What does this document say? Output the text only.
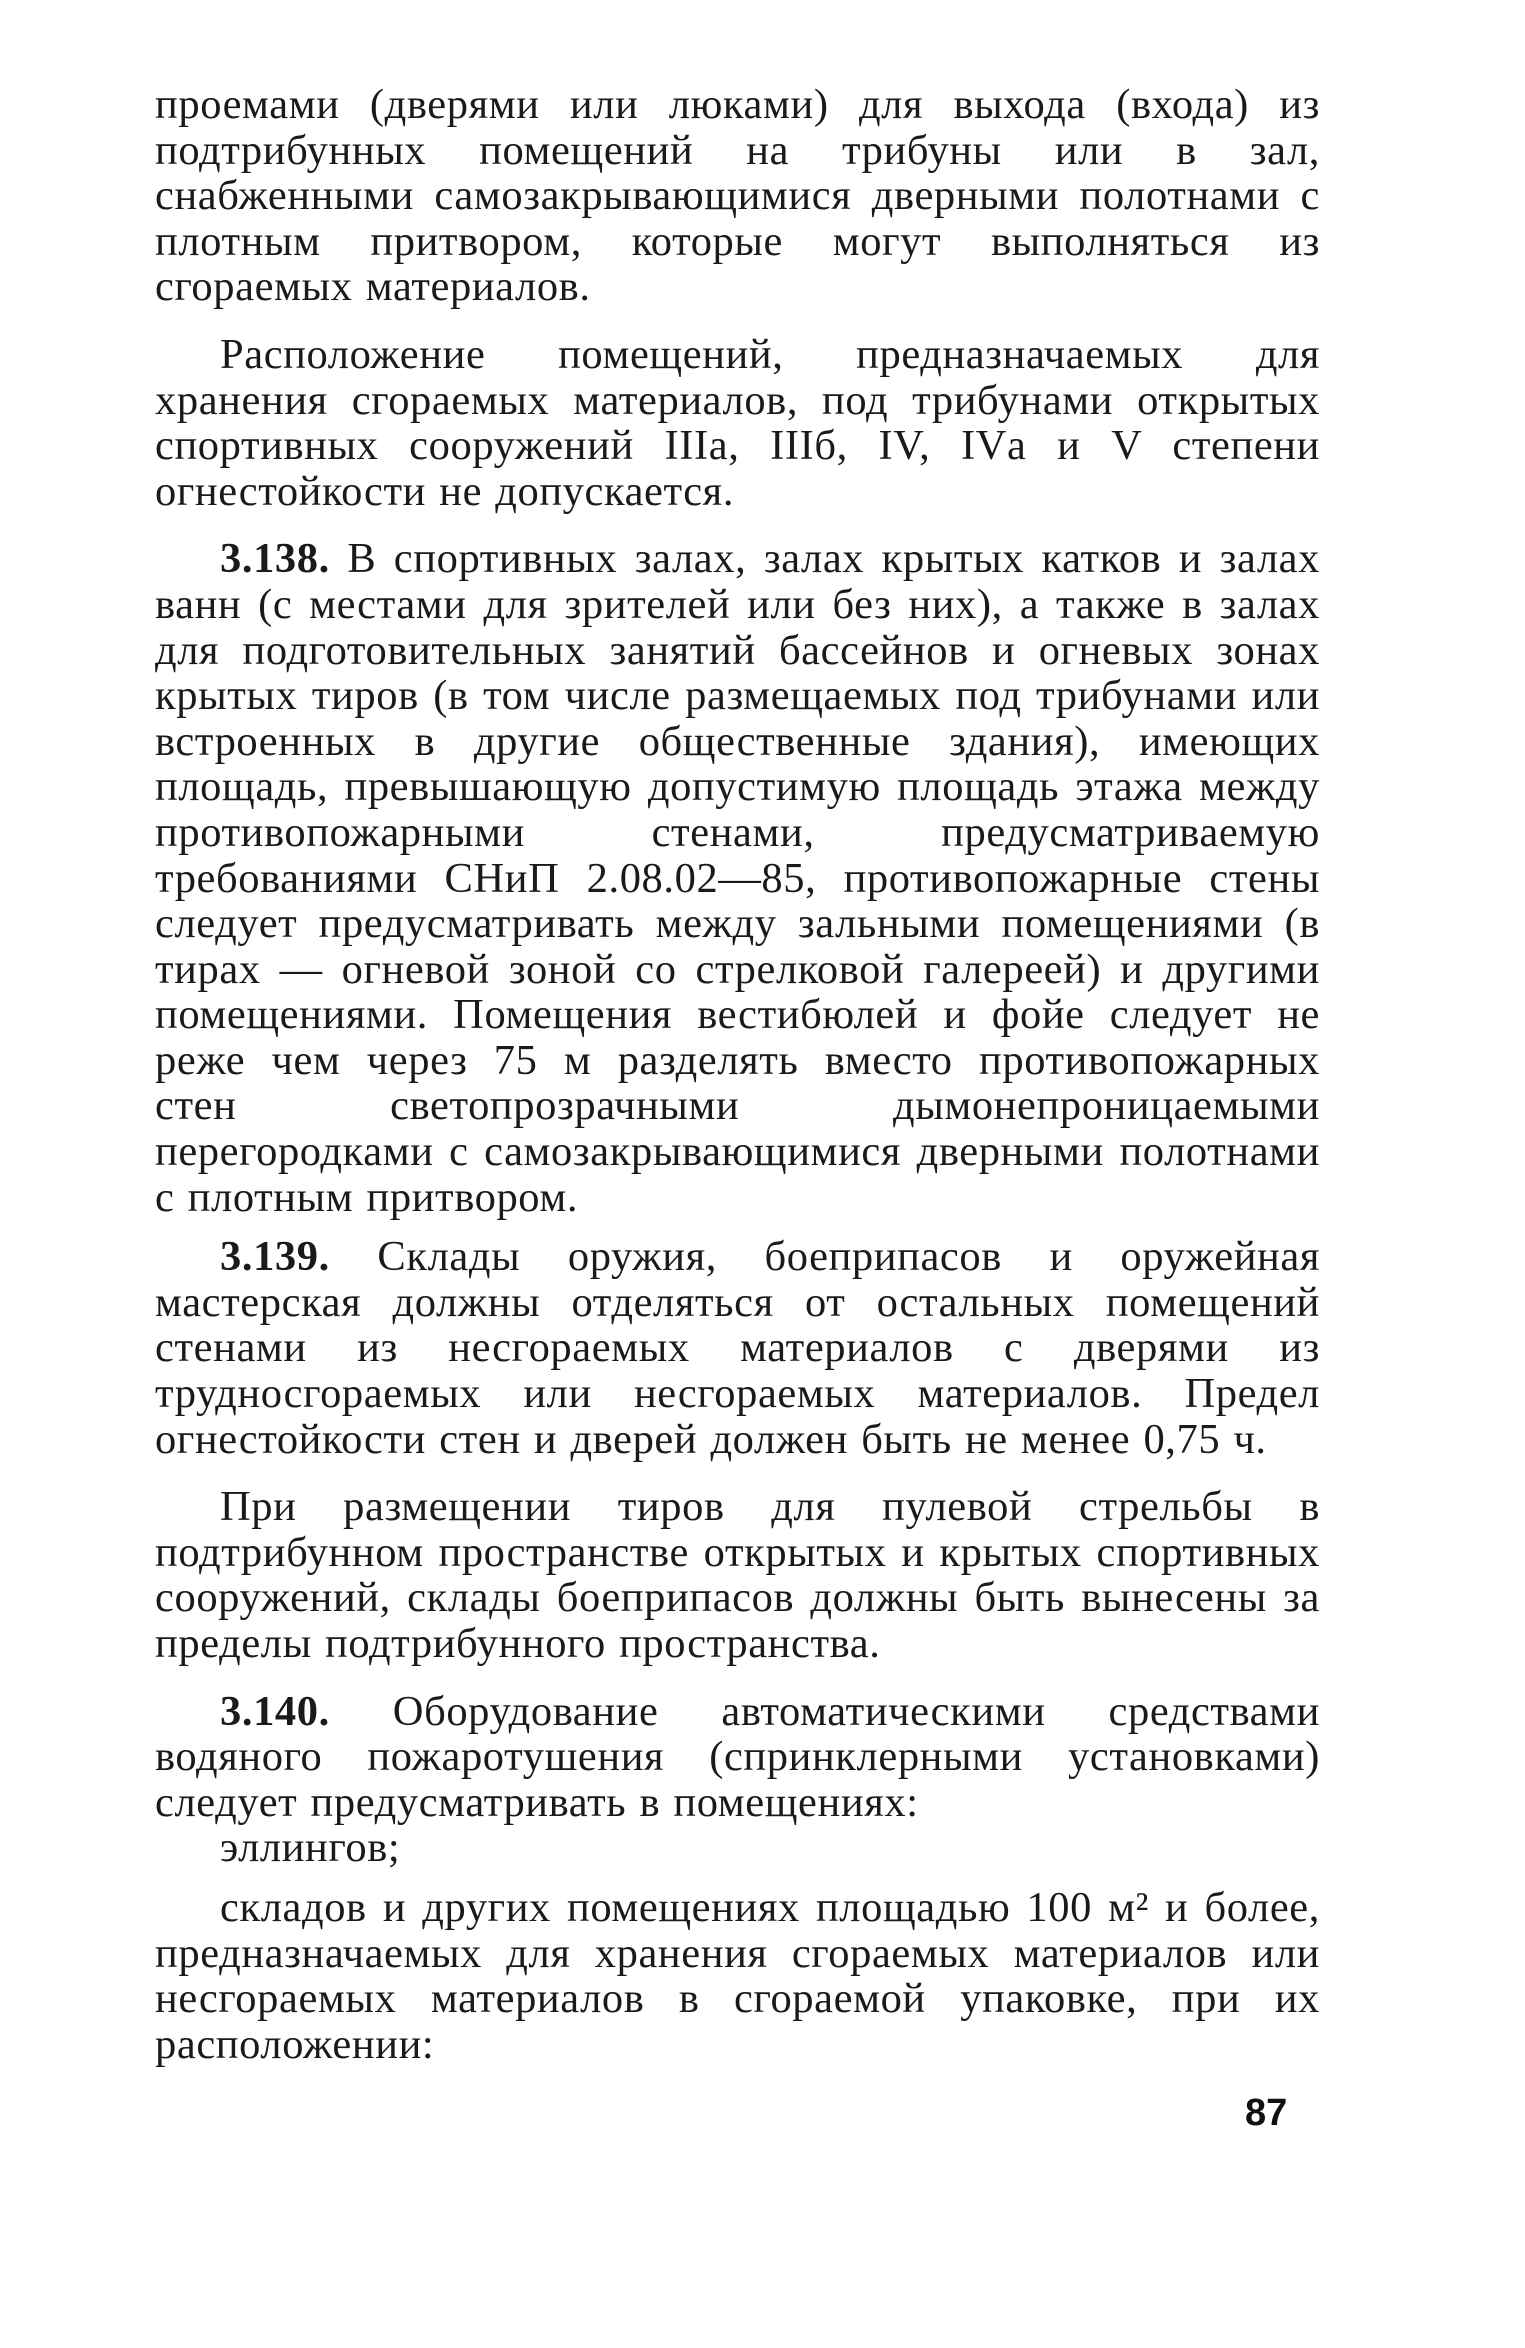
проемами (дверями или люками) для выхода (входа) из подтрибунных помещений на трибуны или в зал, снабженными самозакрывающимися дверными полотнами с плотным притвором, которые могут выполняться из сгораемых материалов.

Расположение помещений, предназначаемых для хранения сгораемых материалов, под трибунами открытых спортивных сооружений IIIа, IIIб, IV, IVа и V степени огнестойкости не допускается.

3.138. В спортивных залах, залах крытых катков и залах ванн (с местами для зрителей или без них), а также в залах для подготовительных занятий бассейнов и огневых зонах крытых тиров (в том числе размещаемых под трибунами или встроенных в другие общественные здания), имеющих площадь, превышающую допустимую площадь этажа между противопожарными стенами, предусматриваемую требованиями СНиП 2.08.02—85, противопожарные стены следует предусматривать между зальными помещениями (в тирах — огневой зоной со стрелковой галереей) и другими помещениями. Помещения вестибюлей и фойе следует не реже чем через 75 м разделять вместо противопожарных стен светопрозрачными дымонепроницаемыми перегородками с самозакрывающимися дверными полотнами с плотным притвором.

3.139. Склады оружия, боеприпасов и оружейная мастерская должны отделяться от остальных помещений стенами из несгораемых материалов с дверями из трудносгораемых или несгораемых материалов. Предел огнестойкости стен и дверей должен быть не менее 0,75 ч.

При размещении тиров для пулевой стрельбы в подтрибунном пространстве открытых и крытых спортивных сооружений, склады боеприпасов должны быть вынесены за пределы подтрибунного пространства.

3.140. Оборудование автоматическими средствами водяного пожаротушения (спринклерными установками) следует предусматривать в помещениях:

эллингов;

складов и других помещениях площадью 100 м² и более, предназначаемых для хранения сгораемых материалов или несгораемых материалов в сгораемой упаковке, при их расположении:

87
